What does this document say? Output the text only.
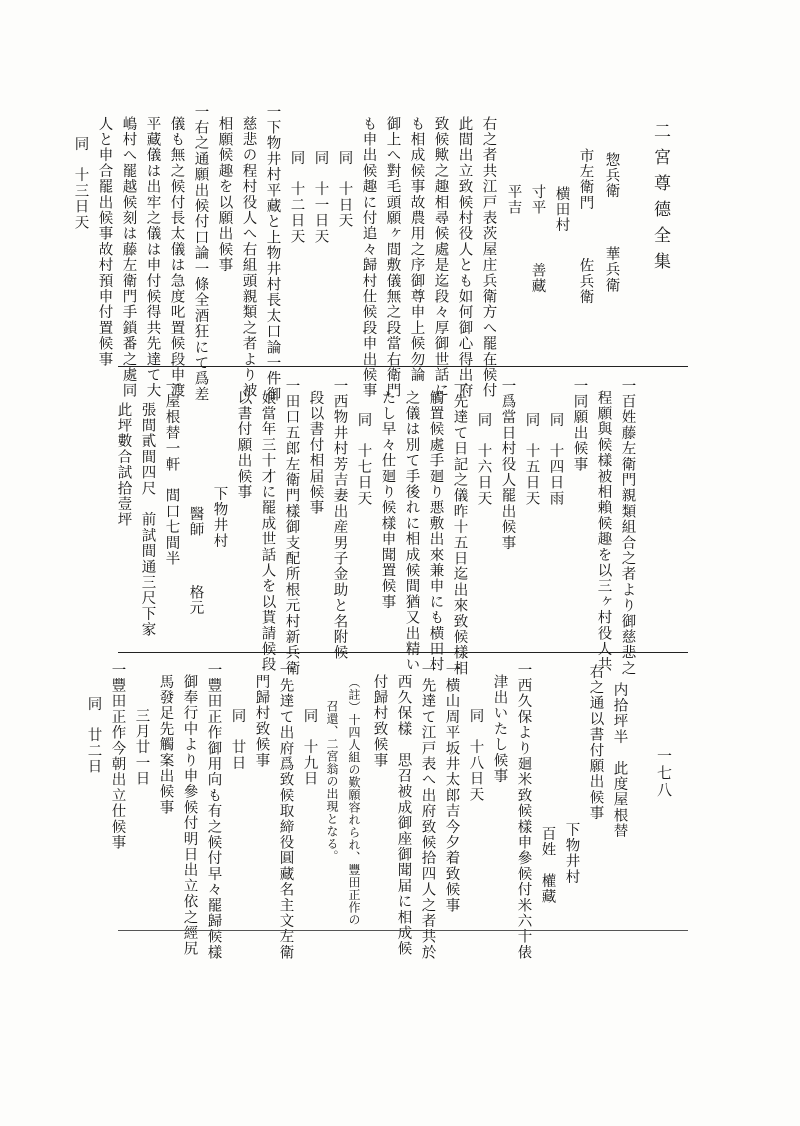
二宮尊德全集
一七八
惣兵衛　　　華兵衛
市左衛門　　　佐兵衛
横田村
寸平　　　善藏
平吉
右之者共江戸表茨屋庄兵衛方へ罷在候付
此間出立致候村役人とも如何御心得出府
致候歟之趣相尋候處是迄段々厚御世話に
も相成候事故農用之序御尊申上候勿論
御上へ對毛頭願ヶ間敷儀無之段當右衛門
も申出候趣に付追々歸村仕候段申出候事
同　十日天
同　十一日天
同　十二日天
一下物井村平藏と上物井村長太口論一件御
慈悲の程村役人へ右組頭親類之者より被
相願候趣を以願出候事
一右之通願出候付口論一條全酒狂にて爲差
儀も無之候付長太儀は急度叱置候段申渡
平藏儀は出牢之儀は申付候得共先達て大
嶋村へ罷越候刻は藤左衛門手鎖番之處同
人と申合罷出候事故村預申付置候事
同　十三日天
一百姓藤左衛門親類組合之者より御慈悲之
程願與候樣被相賴候趣を以三ヶ村役人共
一同願出候事
同　十四日雨
同　十五日天
一爲當日村役人罷出候事
同　十六日天
一先達て日記之儀昨十五日迄出來致候樣相
觸置候處手廻り悪敷出來兼申にも横田村
之儀は別て手後れに相成候間猶又出精い
たし早々仕廻り候樣申聞置候事
同　十七日天
一西物井村芳吉妻出産男子金助と名附候
段以書付相届候事
一田口五郎左衛門樣御支配所根元村新兵衛
娘當年三十才に罷成世話人を以貰請候段
以書付願出候事
下物井村
醫師　　　格元
一屋根替一軒　間口七間半
張間貳間四尺　前試間通三尺下家
此坪數合試拾壹坪
内拾坪半　此度屋根替
右之通以書付願出候事
下物井村
百姓　權藏
一西久保より廻米致候樣申參候付米六十俵
津出いたし候事
同　十八日天
一横山周平坂井太郎吉今夕着致候事
一先達て江戸表へ出府致候拾四人之者共於
西久保樣　思召被成御座御聞届に相成候
付歸村致候事
（註）十四人組の歎願容れられ、豐田正作の
召還、二宮翁の出現となる。
同　十九日
一先達て出府爲致候取締役圓藏名主文左衛
門歸村致候事
同　廿日
一豐田正作御用向も有之候付早々罷歸候樣
御奉行中より申參候付明日出立依之經尻
馬發足先觸案出候事
三月廿一日
一豐田正作今朝出立仕候事
同　廿二日
